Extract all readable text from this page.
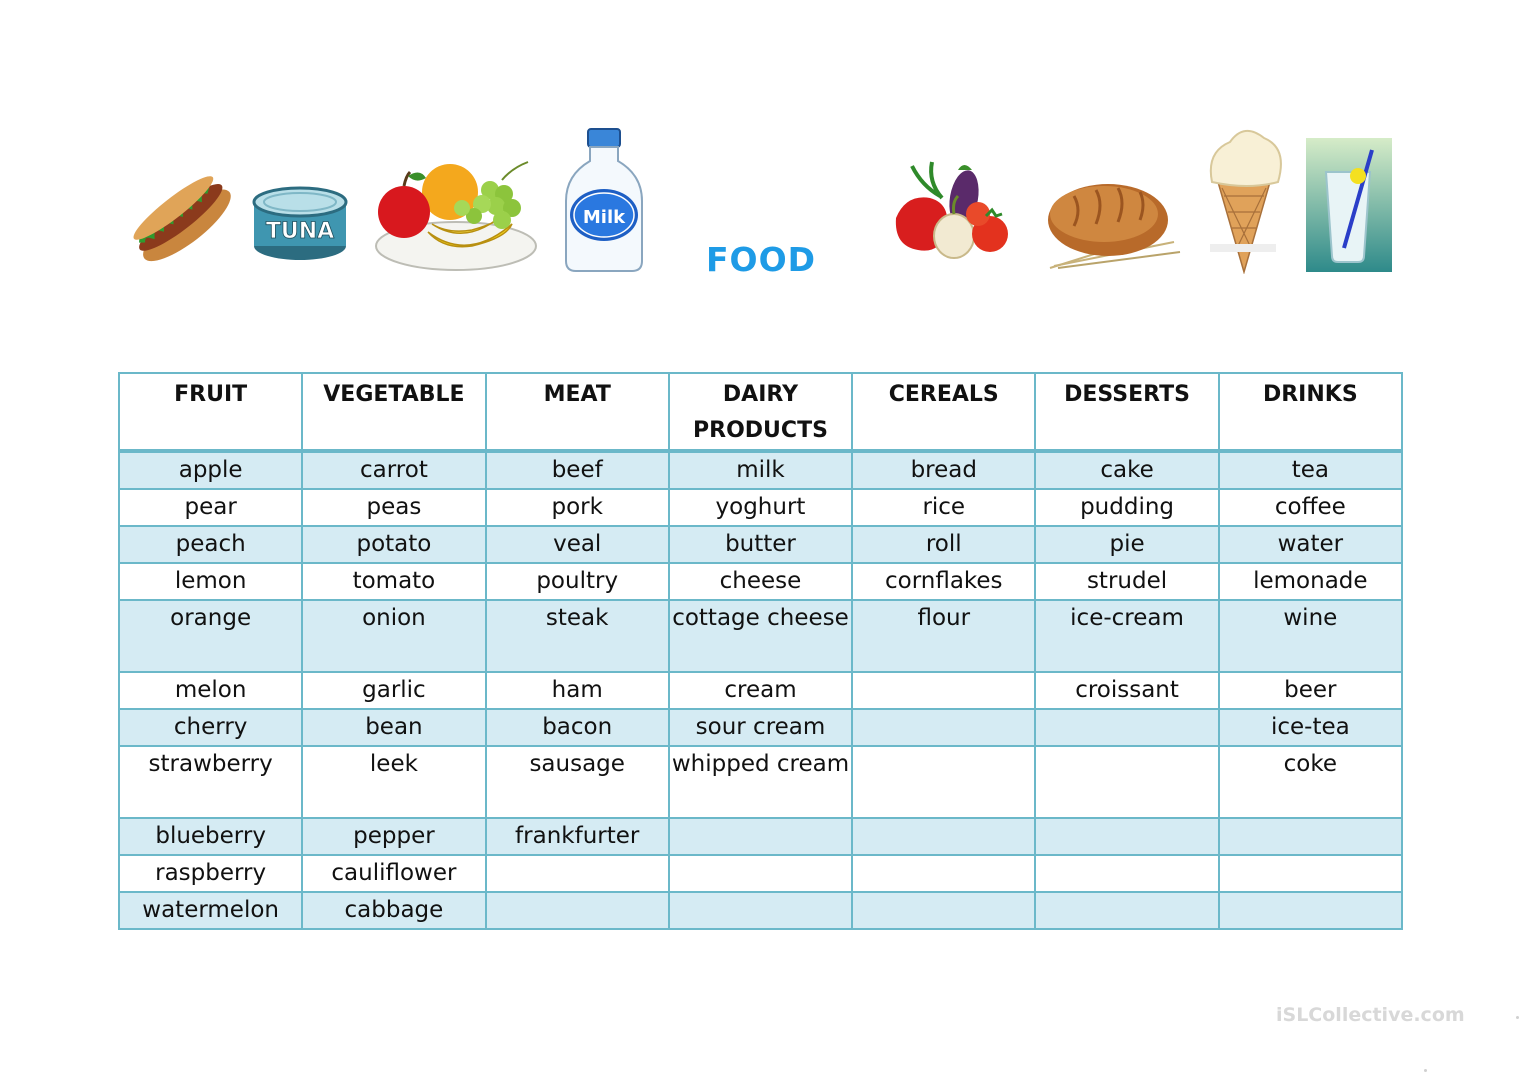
TUNA
Milk
FOOD
FRUIT	VEGETABLE	MEAT	DAIRY PRODUCTS	CEREALS	DESSERTS	DRINKS
apple	carrot	beef	milk	bread	cake	tea
pear	peas	pork	yoghurt	rice	pudding	coffee
peach	potato	veal	butter	roll	pie	water
lemon	tomato	poultry	cheese	cornflakes	strudel	lemonade
orange	onion	steak	cottage cheese	flour	ice-cream	wine
melon	garlic	ham	cream		croissant	beer
cherry	bean	bacon	sour cream			ice-tea
strawberry	leek	sausage	whipped cream			coke
blueberry	pepper	frankfurter				
raspberry	cauliflower					
watermelon	cabbage					
iSLCollective.com
